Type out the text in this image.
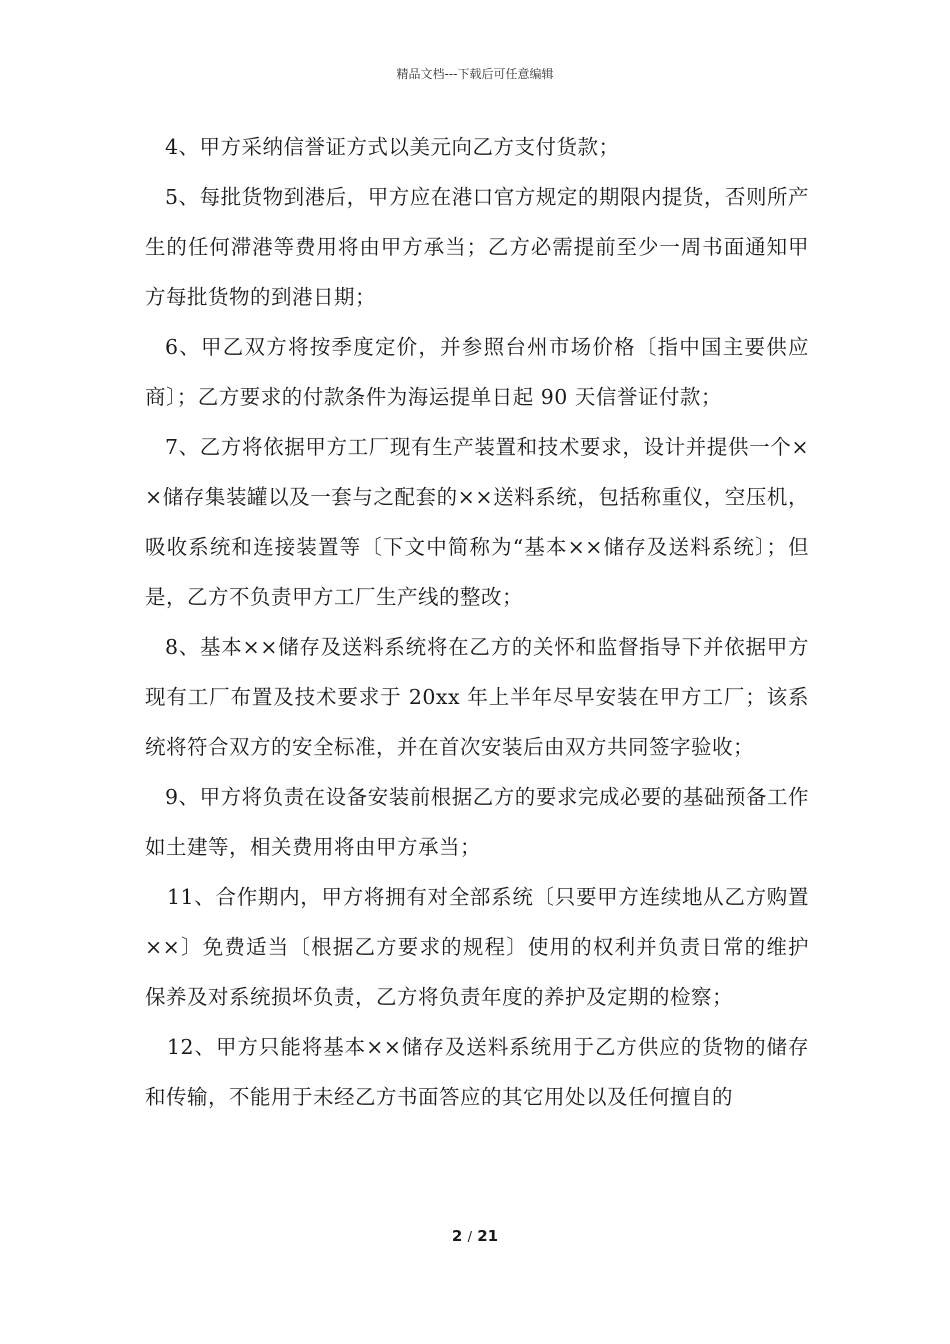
精品文档---下载后可任意编辑

4、甲方采纳信誉证方式以美元向乙方支付货款；

5、每批货物到港后，甲方应在港口官方规定的期限内提货，否则所产生的任何滞港等费用将由甲方承当；乙方必需提前至少一周书面通知甲方每批货物的到港日期；

6、甲乙双方将按季度定价，并参照台州市场价格〔指中国主要供应商〕；乙方要求的付款条件为海运提单日起 90 天信誉证付款；

7、乙方将依据甲方工厂现有生产装置和技术要求，设计并提供一个××储存集装罐以及一套与之配套的××送料系统，包括称重仪，空压机，吸收系统和连接装置等〔下文中简称为“基本××储存及送料系统〕；但是，乙方不负责甲方工厂生产线的整改；

8、基本××储存及送料系统将在乙方的关怀和监督指导下并依据甲方现有工厂布置及技术要求于 20xx 年上半年尽早安装在甲方工厂；该系统将符合双方的安全标准，并在首次安装后由双方共同签字验收；

9、甲方将负责在设备安装前根据乙方的要求完成必要的基础预备工作如土建等，相关费用将由甲方承当；

11、合作期内，甲方将拥有对全部系统〔只要甲方连续地从乙方购置××〕免费适当〔根据乙方要求的规程〕使用的权利并负责日常的维护保养及对系统损坏负责，乙方将负责年度的养护及定期的检察；

12、甲方只能将基本××储存及送料系统用于乙方供应的货物的储存和传输，不能用于未经乙方书面答应的其它用处以及任何擅自的

2 / 21
